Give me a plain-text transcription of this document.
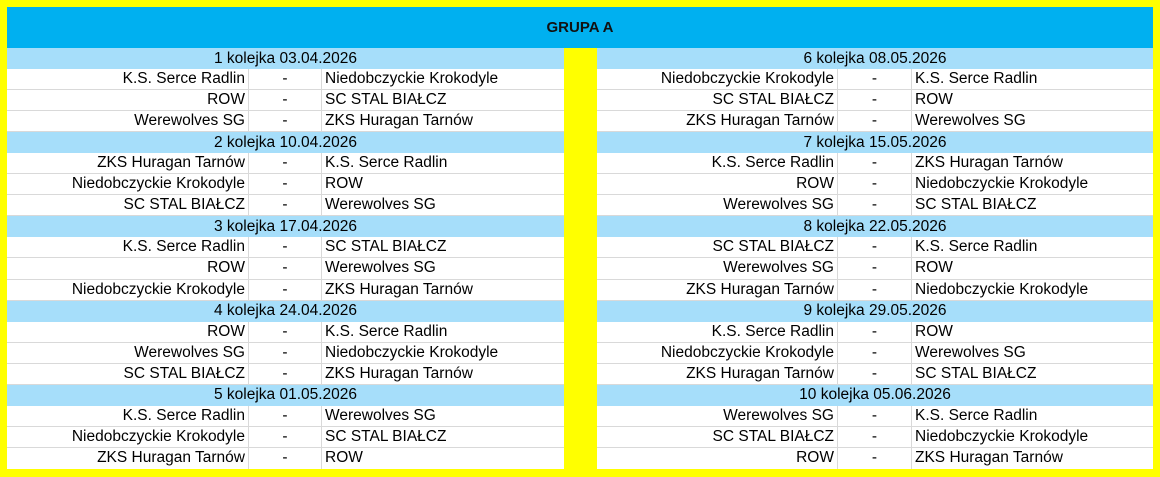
GRUPA A
1 kolejka 03.04.2026
K.S. Serce Radlin	-	Niedobczyckie Krokodyle
ROW	-	SC STAL BIAŁCZ
Werewolves SG	-	ZKS Huragan Tarnów
2 kolejka 10.04.2026
ZKS Huragan Tarnów	-	K.S. Serce Radlin
Niedobczyckie Krokodyle	-	ROW
SC STAL BIAŁCZ	-	Werewolves SG
3 kolejka 17.04.2026
K.S. Serce Radlin	-	SC STAL BIAŁCZ
ROW	-	Werewolves SG
Niedobczyckie Krokodyle	-	ZKS Huragan Tarnów
4 kolejka 24.04.2026
ROW	-	K.S. Serce Radlin
Werewolves SG	-	Niedobczyckie Krokodyle
SC STAL BIAŁCZ	-	ZKS Huragan Tarnów
5 kolejka 01.05.2026
K.S. Serce Radlin	-	Werewolves SG
Niedobczyckie Krokodyle	-	SC STAL BIAŁCZ
ZKS Huragan Tarnów	-	ROW
6 kolejka 08.05.2026
Niedobczyckie Krokodyle	-	K.S. Serce Radlin
SC STAL BIAŁCZ	-	ROW
ZKS Huragan Tarnów	-	Werewolves SG
7 kolejka 15.05.2026
K.S. Serce Radlin	-	ZKS Huragan Tarnów
ROW	-	Niedobczyckie Krokodyle
Werewolves SG	-	SC STAL BIAŁCZ
8 kolejka 22.05.2026
SC STAL BIAŁCZ	-	K.S. Serce Radlin
Werewolves SG	-	ROW
ZKS Huragan Tarnów	-	Niedobczyckie Krokodyle
9 kolejka 29.05.2026
K.S. Serce Radlin	-	ROW
Niedobczyckie Krokodyle	-	Werewolves SG
ZKS Huragan Tarnów	-	SC STAL BIAŁCZ
10 kolejka 05.06.2026
Werewolves SG	-	K.S. Serce Radlin
SC STAL BIAŁCZ	-	Niedobczyckie Krokodyle
ROW	-	ZKS Huragan Tarnów
